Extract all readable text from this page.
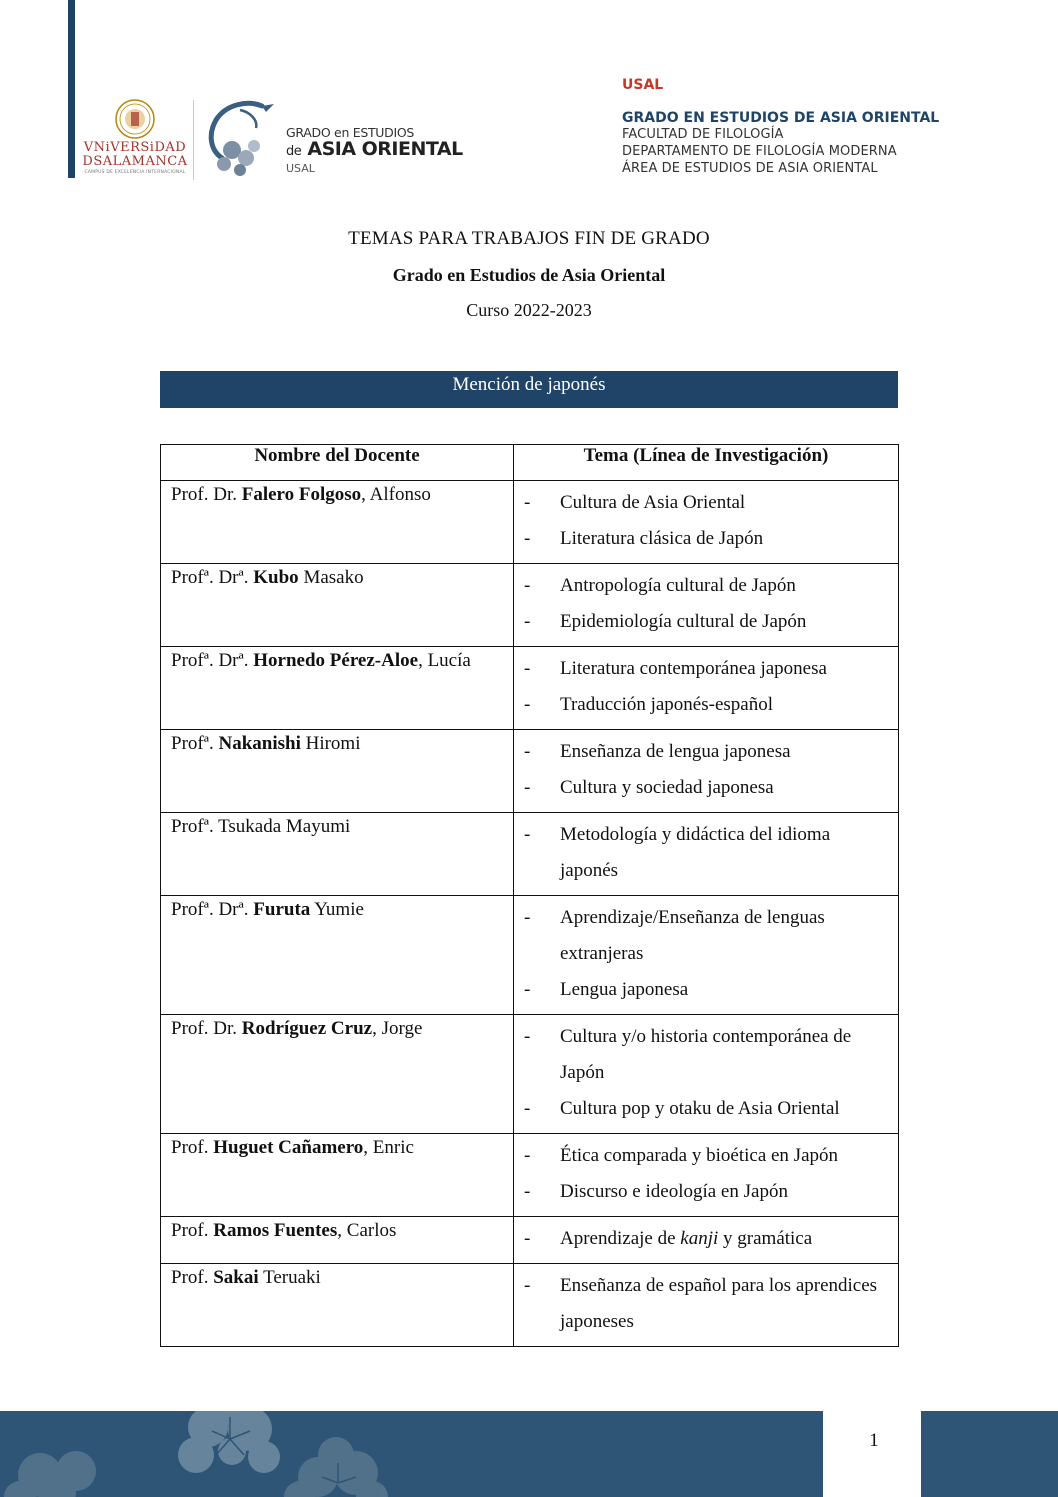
VNiVERSiDAD
DSALAMANCA
CAMPUS DE EXCELENCIA INTERNACIONAL
GRADO en ESTUDIOS
de ASIA ORIENTAL
USAL
USAL
GRADO EN ESTUDIOS DE ASIA ORIENTAL
FACULTAD DE FILOLOGÍA
DEPARTAMENTO DE FILOLOGÍA MODERNA
ÁREA DE ESTUDIOS DE ASIA ORIENTAL
TEMAS PARA TRABAJOS FIN DE GRADO
Grado en Estudios de Asia Oriental
Curso 2022-2023
Mención de japonés
Nombre del Docente	Tema (Línea de Investigación)
Prof. Dr. Falero Folgoso, Alfonso	- Cultura de Asia Oriental
- Literatura clásica de Japón

Profª. Drª. Kubo Masako	- Antropología cultural de Japón
- Epidemiología cultural de Japón

Profª. Drª. Hornedo Pérez-Aloe, Lucía	- Literatura contemporánea japonesa
- Traducción japonés-español

Profª. Nakanishi Hiromi	- Enseñanza de lengua japonesa
- Cultura y sociedad japonesa

Profª. Tsukada Mayumi	- Metodología y didáctica del idioma japonés

Profª. Drª. Furuta Yumie	- Aprendizaje/Enseñanza de lenguas extranjeras
- Lengua japonesa

Prof. Dr. Rodríguez Cruz, Jorge	- Cultura y/o historia contemporánea de Japón
- Cultura pop y otaku de Asia Oriental

Prof. Huguet Cañamero, Enric	- Ética comparada y bioética en Japón
- Discurso e ideología en Japón

Prof. Ramos Fuentes, Carlos	- Aprendizaje de kanji y gramática

Prof. Sakai Teruaki	- Enseñanza de español para los aprendices japoneses
1
